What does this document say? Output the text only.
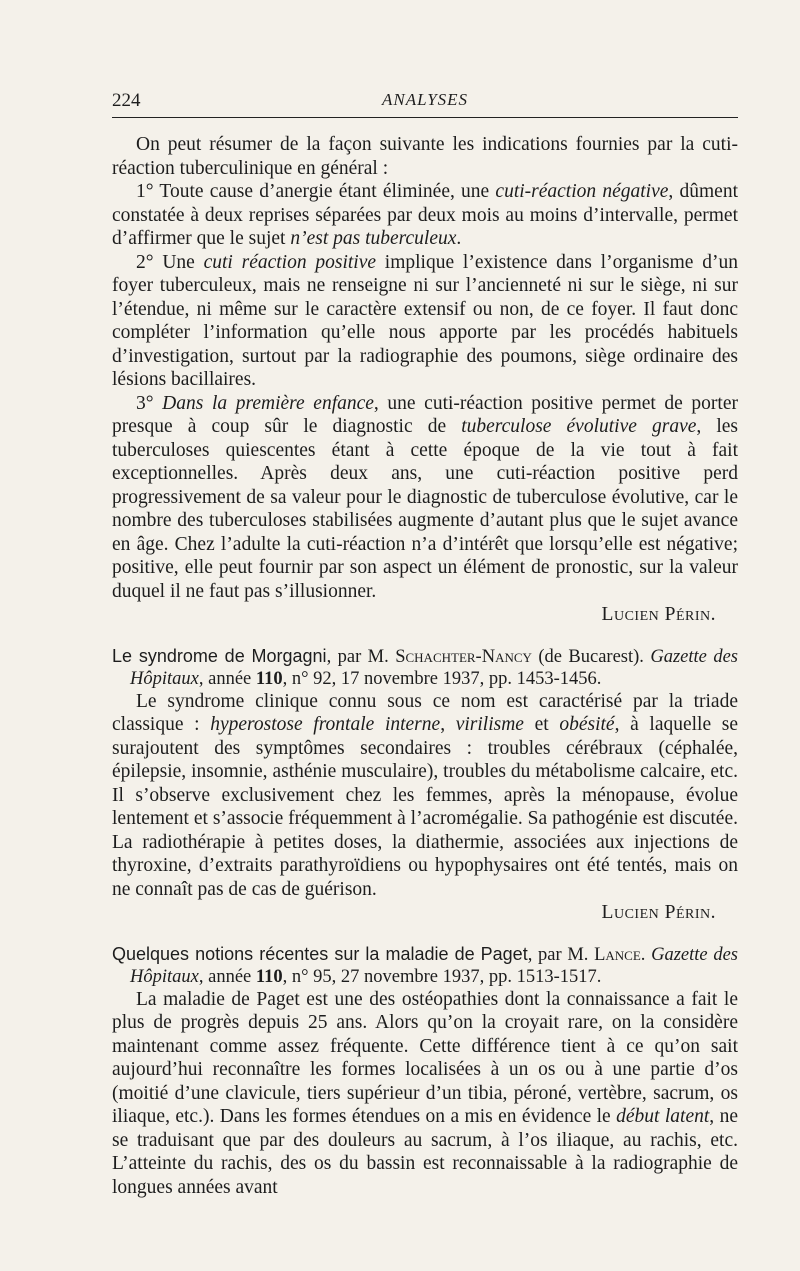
224	ANALYSES

On peut résumer de la façon suivante les indications fournies par la cuti-réaction tuberculinique en général :

1° Toute cause d’anergie étant éliminée, une cuti-réaction négative, dûment constatée à deux reprises séparées par deux mois au moins d’intervalle, permet d’affirmer que le sujet n’est pas tuberculeux.

2° Une cuti réaction positive implique l’existence dans l’organisme d’un foyer tuberculeux, mais ne renseigne ni sur l’ancienneté ni sur le siège, ni sur l’étendue, ni même sur le caractère extensif ou non, de ce foyer. Il faut donc compléter l’information qu’elle nous apporte par les procédés habituels d’investigation, surtout par la radiographie des poumons, siège ordinaire des lésions bacillaires.

3° Dans la première enfance, une cuti-réaction positive permet de porter presque à coup sûr le diagnostic de tuberculose évolutive grave, les tuberculoses quiescentes étant à cette époque de la vie tout à fait exceptionnelles. Après deux ans, une cuti-réaction positive perd progressivement de sa valeur pour le diagnostic de tuberculose évolutive, car le nombre des tuberculoses stabilisées augmente d’autant plus que le sujet avance en âge. Chez l’adulte la cuti-réaction n’a d’intérêt que lorsqu’elle est négative; positive, elle peut fournir par son aspect un élément de pronostic, sur la valeur duquel il ne faut pas s’illusionner.

Lucien Périn.

Le syndrome de Morgagni, par M. Schachter-Nancy (de Bucarest). Gazette des Hôpitaux, année 110, n° 92, 17 novembre 1937, pp. 1453-1456.

Le syndrome clinique connu sous ce nom est caractérisé par la triade classique : hyperostose frontale interne, virilisme et obésité, à laquelle se surajoutent des symptômes secondaires : troubles cérébraux (céphalée, épilepsie, insomnie, asthénie musculaire), troubles du métabolisme calcaire, etc. Il s’observe exclusivement chez les femmes, après la ménopause, évolue lentement et s’associe fréquemment à l’acromégalie. Sa pathogénie est discutée. La radiothérapie à petites doses, la diathermie, associées aux injections de thyroxine, d’extraits parathyroïdiens ou hypophysaires ont été tentés, mais on ne connaît pas de cas de guérison.

Lucien Périn.

Quelques notions récentes sur la maladie de Paget, par M. Lance. Gazette des Hôpitaux, année 110, n° 95, 27 novembre 1937, pp. 1513-1517.

La maladie de Paget est une des ostéopathies dont la connaissance a fait le plus de progrès depuis 25 ans. Alors qu’on la croyait rare, on la considère maintenant comme assez fréquente. Cette différence tient à ce qu’on sait aujourd’hui reconnaître les formes localisées à un os ou à une partie d’os (moitié d’une clavicule, tiers supérieur d’un tibia, péroné, vertèbre, sacrum, os iliaque, etc.). Dans les formes étendues on a mis en évidence le début latent, ne se traduisant que par des douleurs au sacrum, à l’os iliaque, au rachis, etc. L’atteinte du rachis, des os du bassin est reconnaissable à la radiographie de longues années avant
